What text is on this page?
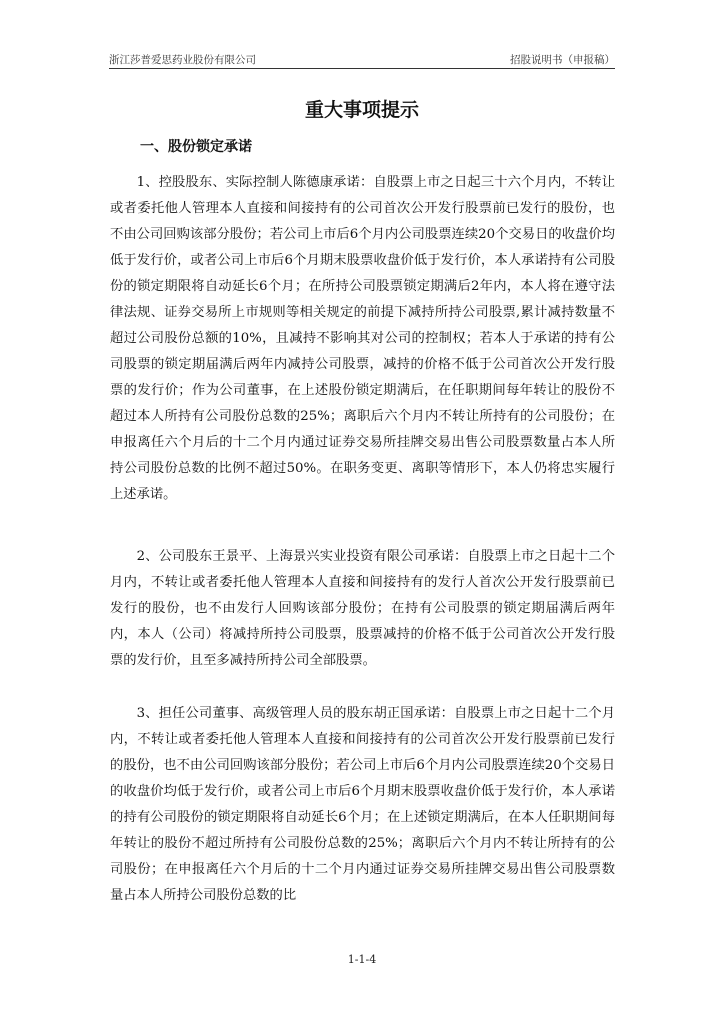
浙江莎普爱思药业股份有限公司	招股说明书（申报稿）
重大事项提示
一、股份锁定承诺

1、控股股东、实际控制人陈德康承诺：自股票上市之日起三十六个月内，不转让或者委托他人管理本人直接和间接持有的公司首次公开发行股票前已发行的股份，也不由公司回购该部分股份；若公司上市后6个月内公司股票连续20个交易日的收盘价均低于发行价，或者公司上市后6个月期末股票收盘价低于发行价，本人承诺持有公司股份的锁定期限将自动延长6个月；在所持公司股票锁定期满后2年内，本人将在遵守法律法规、证券交易所上市规则等相关规定的前提下减持所持公司股票,累计减持数量不超过公司股份总额的10%，且减持不影响其对公司的控制权；若本人于承诺的持有公司股票的锁定期届满后两年内减持公司股票，减持的价格不低于公司首次公开发行股票的发行价；作为公司董事，在上述股份锁定期满后，在任职期间每年转让的股份不超过本人所持有公司股份总数的25%；离职后六个月内不转让所持有的公司股份；在申报离任六个月后的十二个月内通过证券交易所挂牌交易出售公司股票数量占本人所持公司股份总数的比例不超过50%。在职务变更、离职等情形下，本人仍将忠实履行上述承诺。

2、公司股东王景平、上海景兴实业投资有限公司承诺：自股票上市之日起十二个月内，不转让或者委托他人管理本人直接和间接持有的发行人首次公开发行股票前已发行的股份，也不由发行人回购该部分股份；在持有公司股票的锁定期届满后两年内，本人（公司）将减持所持公司股票，股票减持的价格不低于公司首次公开发行股票的发行价，且至多减持所持公司全部股票。

3、担任公司董事、高级管理人员的股东胡正国承诺：自股票上市之日起十二个月内，不转让或者委托他人管理本人直接和间接持有的公司首次公开发行股票前已发行的股份，也不由公司回购该部分股份；若公司上市后6个月内公司股票连续20个交易日的收盘价均低于发行价，或者公司上市后6个月期末股票收盘价低于发行价，本人承诺的持有公司股份的锁定期限将自动延长6个月；在上述锁定期满后，在本人任职期间每年转让的股份不超过所持有公司股份总数的25%；离职后六个月内不转让所持有的公司股份；在申报离任六个月后的十二个月内通过证券交易所挂牌交易出售公司股票数量占本人所持公司股份总数的比

1-1-4
